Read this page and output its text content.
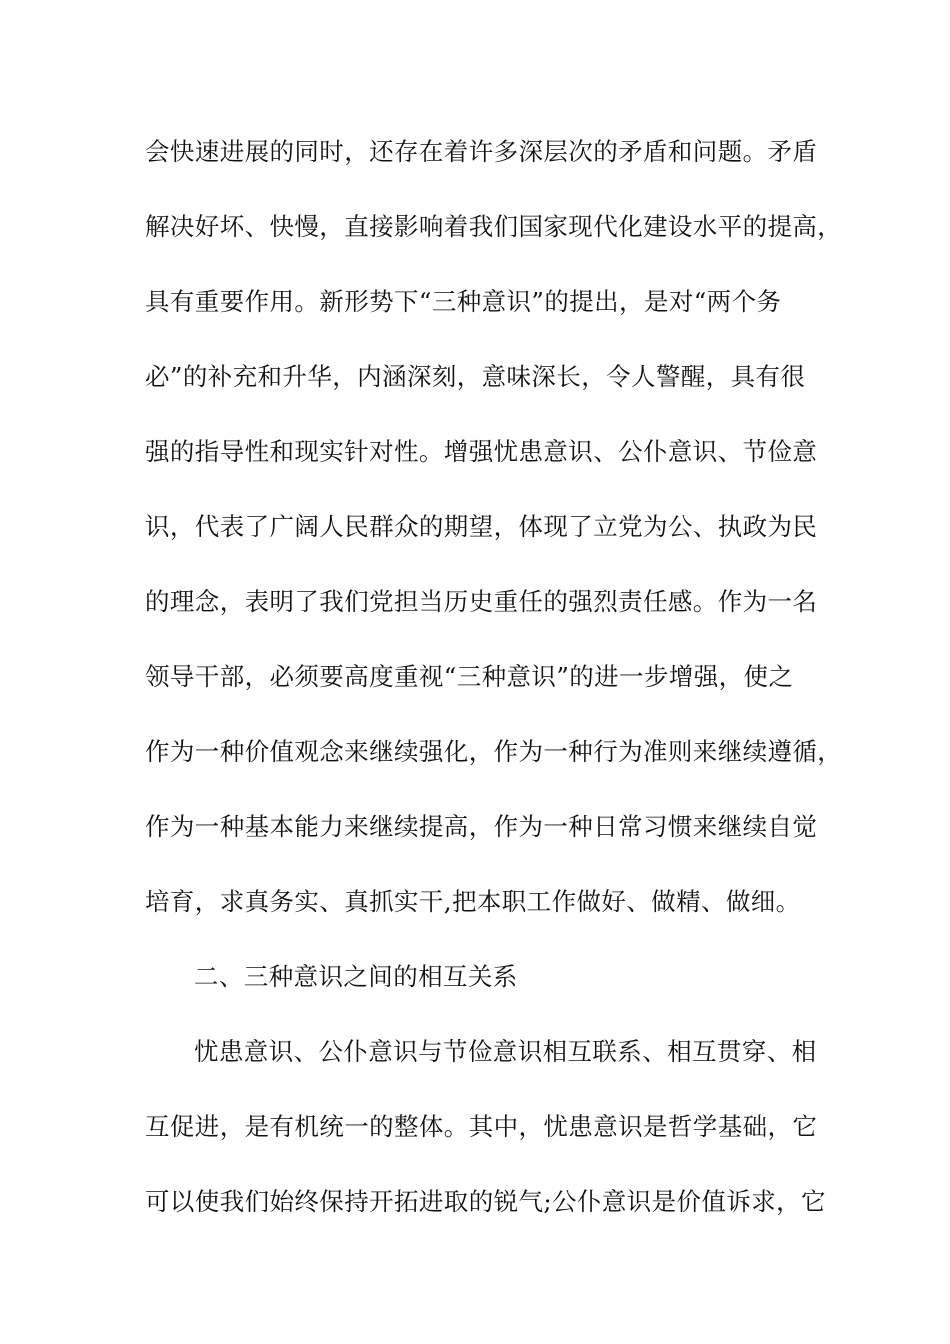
会快速进展的同时，还存在着许多深层次的矛盾和问题。矛盾
解决好坏、快慢，直接影响着我们国家现代化建设水平的提高，
具有重要作用。新形势下“三种意识”的提出，是对“两个务
必”的补充和升华，内涵深刻，意味深长，令人警醒，具有很
强的指导性和现实针对性。增强忧患意识、公仆意识、节俭意
识，代表了广阔人民群众的期望，体现了立党为公、执政为民
的理念，表明了我们党担当历史重任的强烈责任感。作为一名
领导干部，必须要高度重视“三种意识”的进一步增强，使之
作为一种价值观念来继续强化，作为一种行为准则来继续遵循，
作为一种基本能力来继续提高，作为一种日常习惯来继续自觉
培育，求真务实、真抓实干,把本职工作做好、做精、做细。
二、三种意识之间的相互关系
忧患意识、公仆意识与节俭意识相互联系、相互贯穿、相
互促进，是有机统一的整体。其中，忧患意识是哲学基础，它
可以使我们始终保持开拓进取的锐气;公仆意识是价值诉求，它
